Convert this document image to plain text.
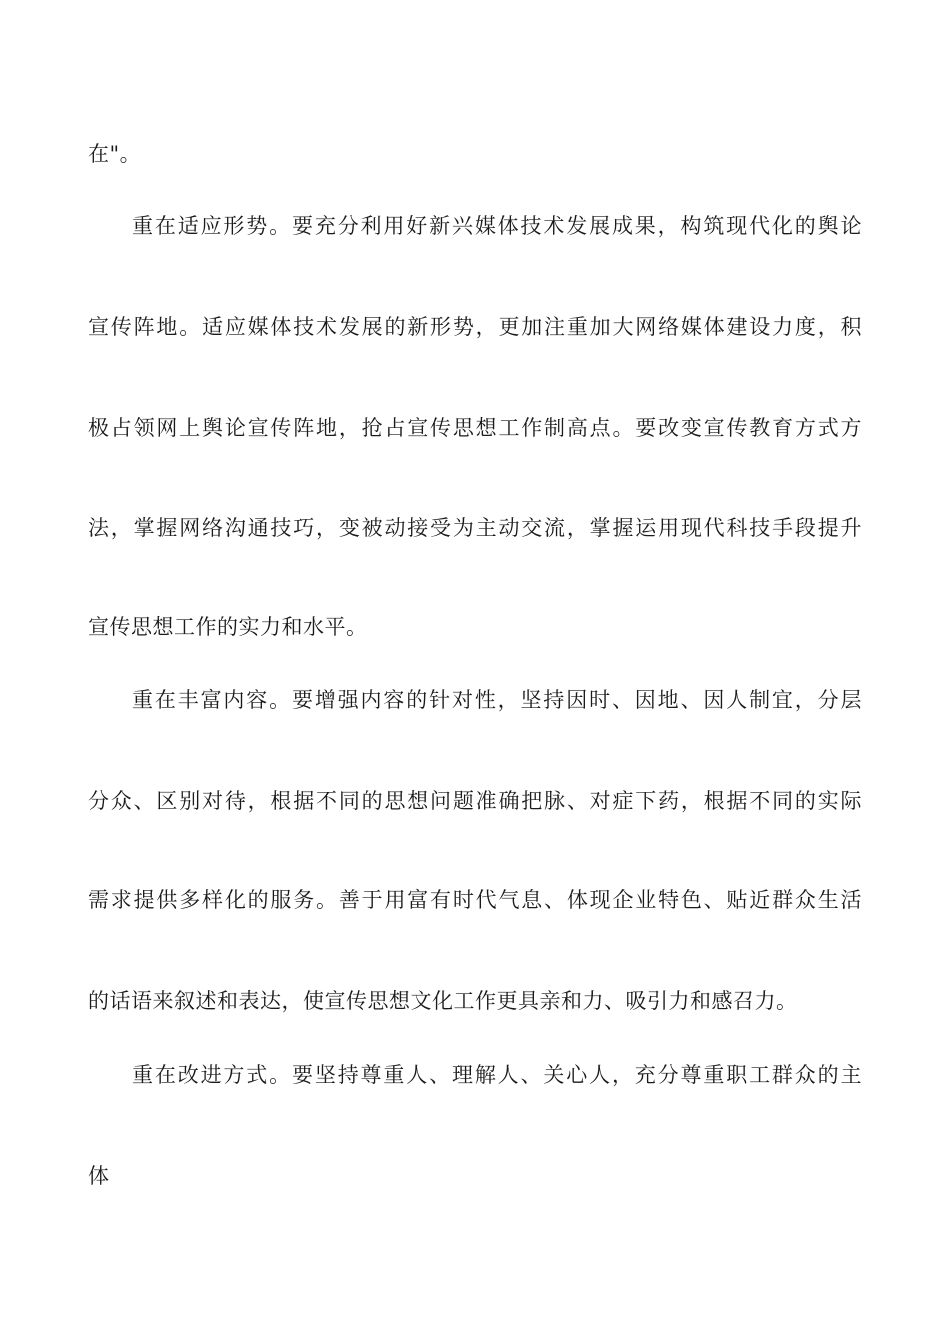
在"。
重在适应形势。要充分利用好新兴媒体技术发展成果，构筑现代化的舆论
宣传阵地。适应媒体技术发展的新形势，更加注重加大网络媒体建设力度，积
极占领网上舆论宣传阵地，抢占宣传思想工作制高点。要改变宣传教育方式方
法，掌握网络沟通技巧，变被动接受为主动交流，掌握运用现代科技手段提升
宣传思想工作的实力和水平。
重在丰富内容。要增强内容的针对性，坚持因时、因地、因人制宜，分层
分众、区别对待，根据不同的思想问题准确把脉、对症下药，根据不同的实际
需求提供多样化的服务。善于用富有时代气息、体现企业特色、贴近群众生活
的话语来叙述和表达，使宣传思想文化工作更具亲和力、吸引力和感召力。
重在改进方式。要坚持尊重人、理解人、关心人，充分尊重职工群众的主
体
